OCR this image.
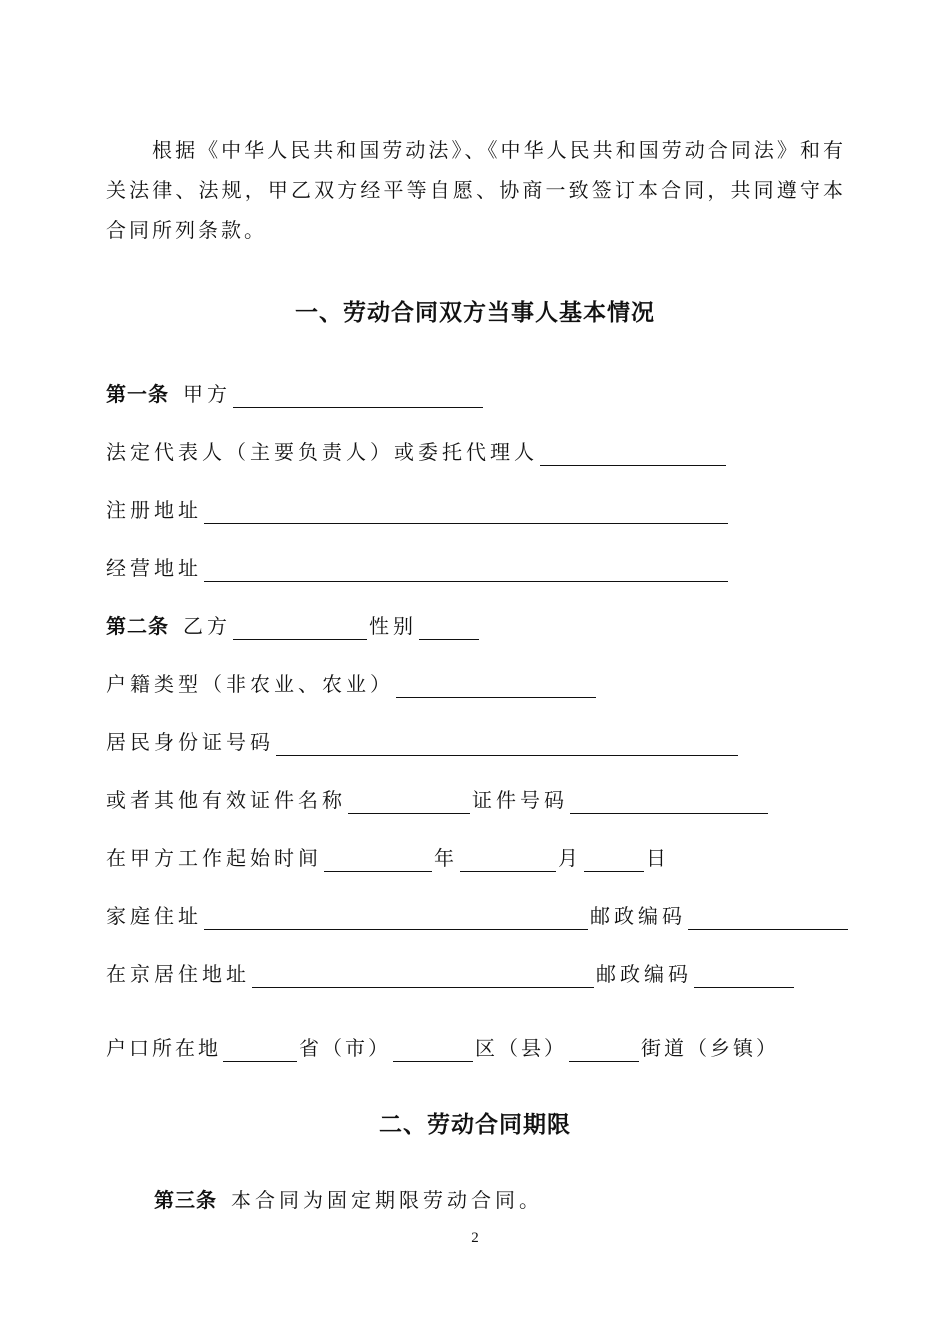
根据《中华人民共和国劳动法》、《中华人民共和国劳动合同法》和有关法律、法规，甲乙双方经平等自愿、协商一致签订本合同，共同遵守本合同所列条款。
一、劳动合同双方当事人基本情况
第一条 甲方
法定代表人（主要负责人）或委托代理人
注册地址
经营地址
第二条 乙方	性别
户籍类型（非农业、农业）
居民身份证号码
或者其他有效证件名称	证件号码
在甲方工作起始时间	年	月	日
家庭住址	邮政编码
在京居住地址	邮政编码
户口所在地	省（市）	区（县）	街道（乡镇）
二、劳动合同期限
第三条 本合同为固定期限劳动合同。
2
